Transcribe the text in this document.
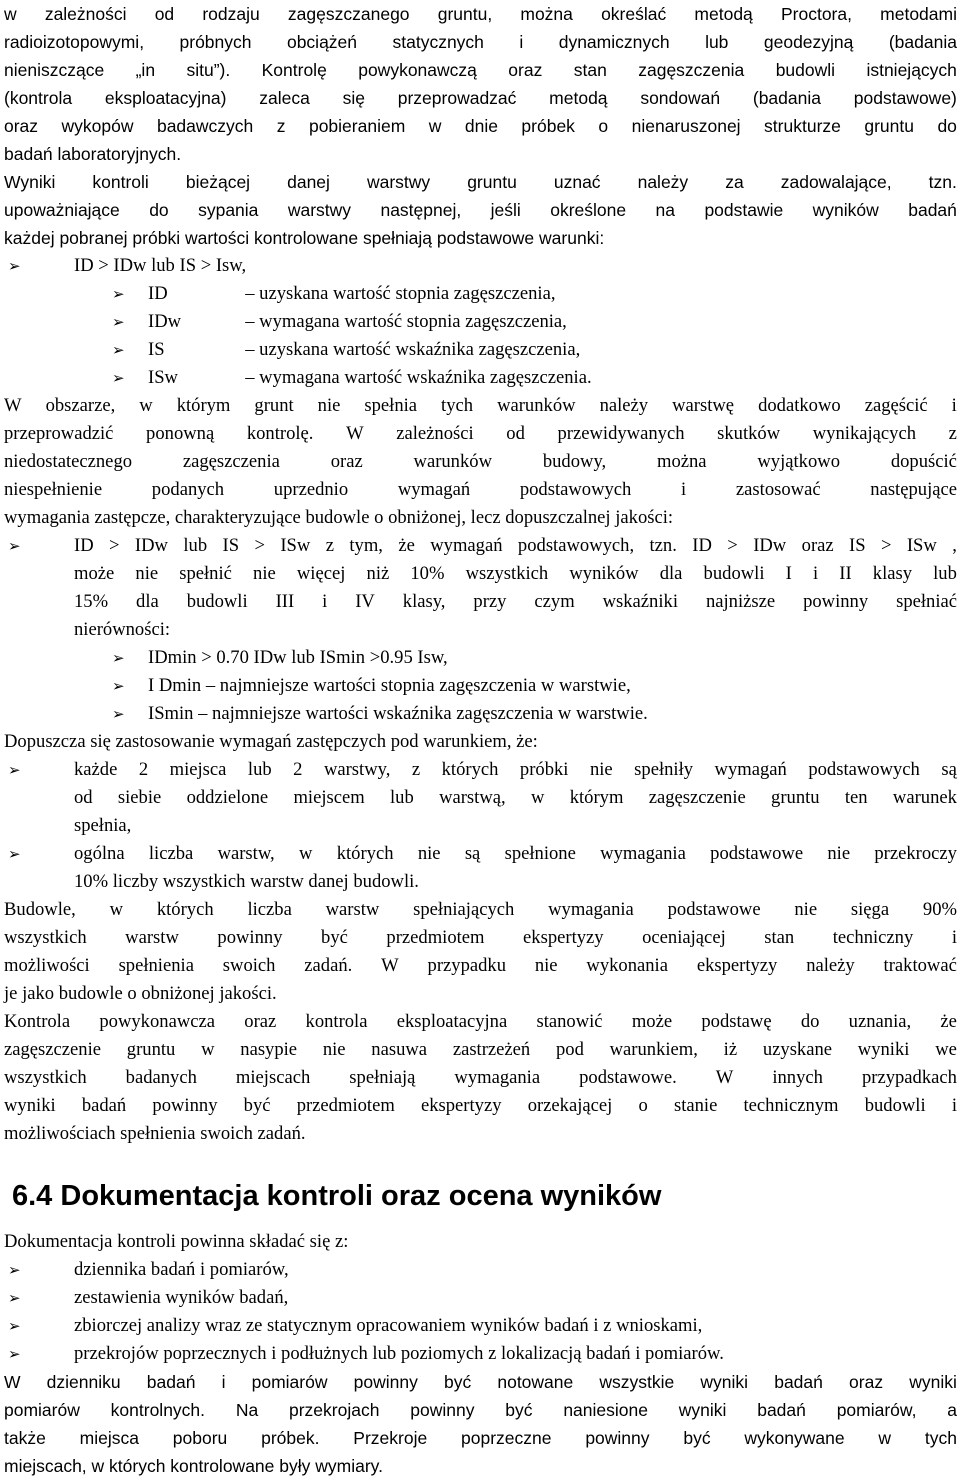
w zależności od rodzaju zagęszczanego gruntu, można określać metodą Proctora, metodami
radioizotopowymi, próbnych obciążeń statycznych i dynamicznych lub geodezyjną (badania
nieniszczące „in situ”). Kontrolę powykonawczą oraz stan zagęszczenia budowli istniejących
(kontrola eksploatacyjna) zaleca się przeprowadzać metodą sondowań (badania podstawowe)
oraz wykopów badawczych z pobieraniem w dnie próbek o nienaruszonej strukturze gruntu do
badań laboratoryjnych.
Wyniki kontroli bieżącej danej warstwy gruntu uznać należy za zadowalające, tzn.
upoważniające do sypania warstwy następnej, jeśli określone na podstawie wyników badań
każdej pobranej próbki wartości kontrolowane spełniają podstawowe warunki:
➢	ID > IDw lub IS > Isw,
➢ ID	– uzyskana wartość stopnia zagęszczenia,
➢ IDw	– wymagana wartość stopnia zagęszczenia,
➢ IS	– uzyskana wartość wskaźnika zagęszczenia,
➢ ISw	– wymagana wartość wskaźnika zagęszczenia.
W obszarze, w którym grunt nie spełnia tych warunków należy warstwę dodatkowo zagęścić i
przeprowadzić ponowną kontrolę. W zależności od przewidywanych skutków wynikających z
niedostatecznego	zagęszczenia	oraz	warunków	budowy,	można	wyjątkowo	dopuścić
niespełnienie	podanych	uprzednio	wymagań	podstawowych	i	zastosować	następujące
wymagania zastępcze, charakteryzujące budowle o obniżonej, lecz dopuszczalnej jakości:
➢	ID > IDw lub IS > ISw z tym, że wymagań podstawowych, tzn. ID > IDw oraz IS > ISw ,
może nie spełnić nie więcej niż 10% wszystkich wyników dla budowli I i II klasy lub
15% dla budowli III i IV klasy, przy czym wskaźniki najniższe powinny spełniać
nierówności:
➢ IDmin > 0.70 IDw lub ISmin >0.95 Isw,
➢ I Dmin – najmniejsze wartości stopnia zagęszczenia w warstwie,
➢ ISmin – najmniejsze wartości wskaźnika zagęszczenia w warstwie.
Dopuszcza się zastosowanie wymagań zastępczych pod warunkiem, że:
➢	każde 2 miejsca lub 2 warstwy, z których próbki nie spełniły wymagań podstawowych są
od siebie oddzielone miejscem lub warstwą, w którym zagęszczenie gruntu ten warunek
spełnia,
➢	ogólna liczba warstw, w których nie są spełnione wymagania podstawowe nie przekroczy
10% liczby wszystkich warstw danej budowli.
Budowle, w których liczba warstw spełniających wymagania podstawowe nie sięga 90%
wszystkich warstw powinny być przedmiotem ekspertyzy oceniającej stan techniczny i
możliwości spełnienia swoich zadań. W przypadku nie wykonania ekspertyzy należy traktować
je jako budowle o obniżonej jakości.
Kontrola powykonawcza oraz kontrola eksploatacyjna stanowić może podstawę do uznania, że
zagęszczenie gruntu w nasypie nie nasuwa zastrzeżeń pod warunkiem, iż uzyskane wyniki we
wszystkich badanych miejscach spełniają wymagania podstawowe. W innych przypadkach
wyniki badań powinny być przedmiotem ekspertyzy orzekającej o stanie technicznym budowli i
możliwościach spełnienia swoich zadań.
6.4 Dokumentacja kontroli oraz ocena wyników
Dokumentacja kontroli powinna składać się z:
➢	dziennika badań i pomiarów,
➢	zestawienia wyników badań,
➢	zbiorczej analizy wraz ze statycznym opracowaniem wyników badań i z wnioskami,
➢	przekrojów poprzecznych i podłużnych lub poziomych z lokalizacją badań i pomiarów.
W dzienniku badań i pomiarów powinny być notowane wszystkie wyniki badań oraz wyniki
pomiarów kontrolnych. Na przekrojach powinny być naniesione wyniki badań pomiarów, a
także miejsca poboru próbek. Przekroje poprzeczne powinny być wykonywane w tych
miejscach, w których kontrolowane były wymiary.
